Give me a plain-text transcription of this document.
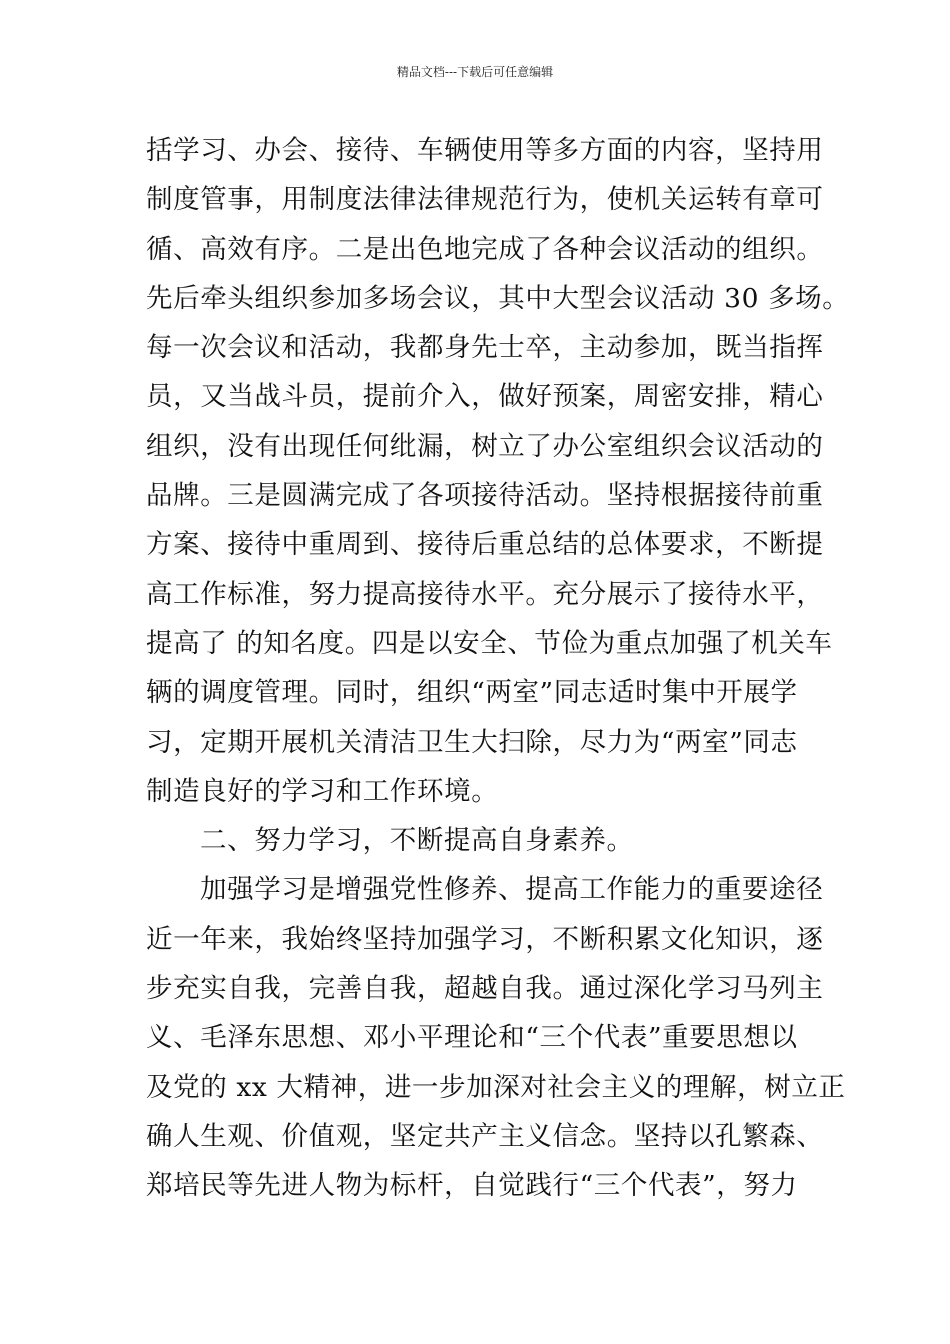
精品文档---下载后可任意编辑
括学习、办会、接待、车辆使用等多方面的内容，坚持用
制度管事，用制度法律法律规范行为，使机关运转有章可
循、高效有序。二是出色地完成了各种会议活动的组织。
先后牵头组织参加多场会议，其中大型会议活动 30 多场。
每一次会议和活动，我都身先士卒，主动参加，既当指挥
员，又当战斗员，提前介入，做好预案，周密安排，精心
组织，没有出现任何纰漏，树立了办公室组织会议活动的
品牌。三是圆满完成了各项接待活动。坚持根据接待前重
方案、接待中重周到、接待后重总结的总体要求，不断提
高工作标准，努力提高接待水平。充分展示了接待水平，
提高了 的知名度。四是以安全、节俭为重点加强了机关车
辆的调度管理。同时，组织“两室”同志适时集中开展学
习，定期开展机关清洁卫生大扫除，尽力为“两室”同志
制造良好的学习和工作环境。
二、努力学习，不断提高自身素养。
加强学习是增强党性修养、提高工作能力的重要途径
近一年来，我始终坚持加强学习，不断积累文化知识，逐
步充实自我，完善自我，超越自我。通过深化学习马列主
义、毛泽东思想、邓小平理论和“三个代表”重要思想以
及党的 xx 大精神，进一步加深对社会主义的理解，树立正
确人生观、价值观，坚定共产主义信念。坚持以孔繁森、
郑培民等先进人物为标杆，自觉践行“三个代表”，努力
